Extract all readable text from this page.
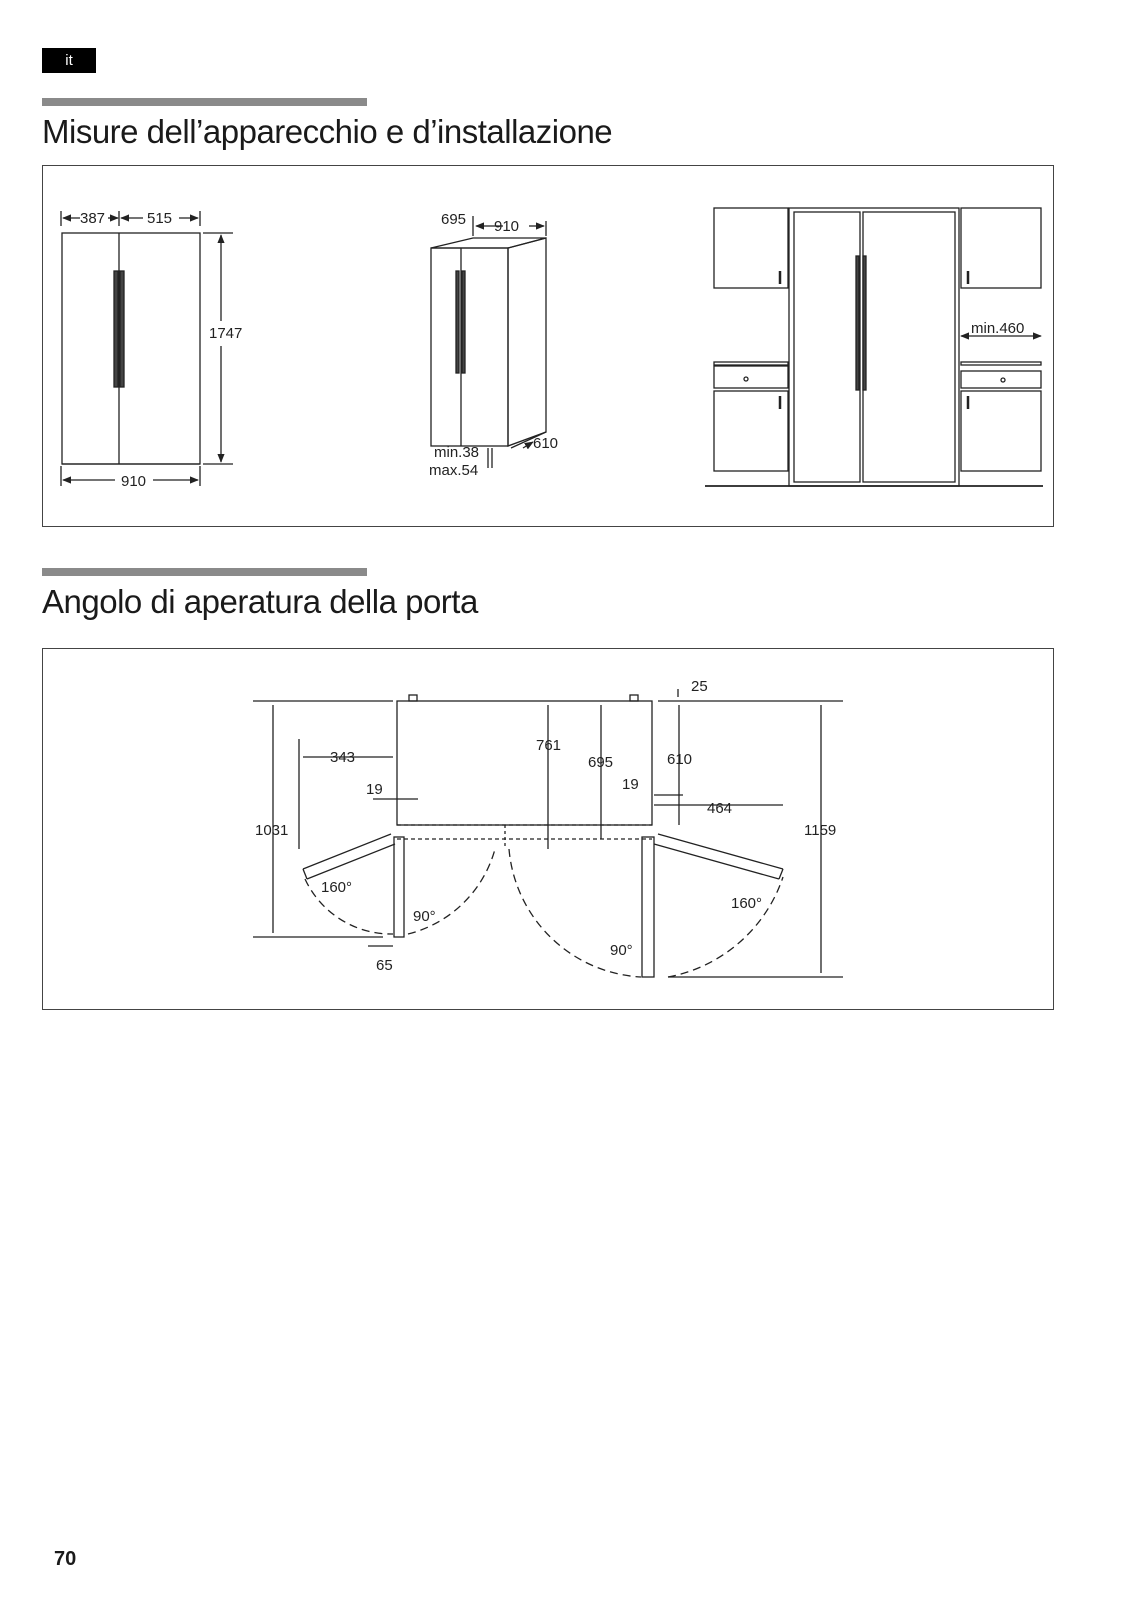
it
Misure dell’apparecchio e d’installazione
387	515
1747
910
695 910
610
min.38
max.54
min.460
Angolo di aperatura della porta
25
761
695	610
343
19	19
464
1031	1159
160°
160°
90°
90°
65
70
